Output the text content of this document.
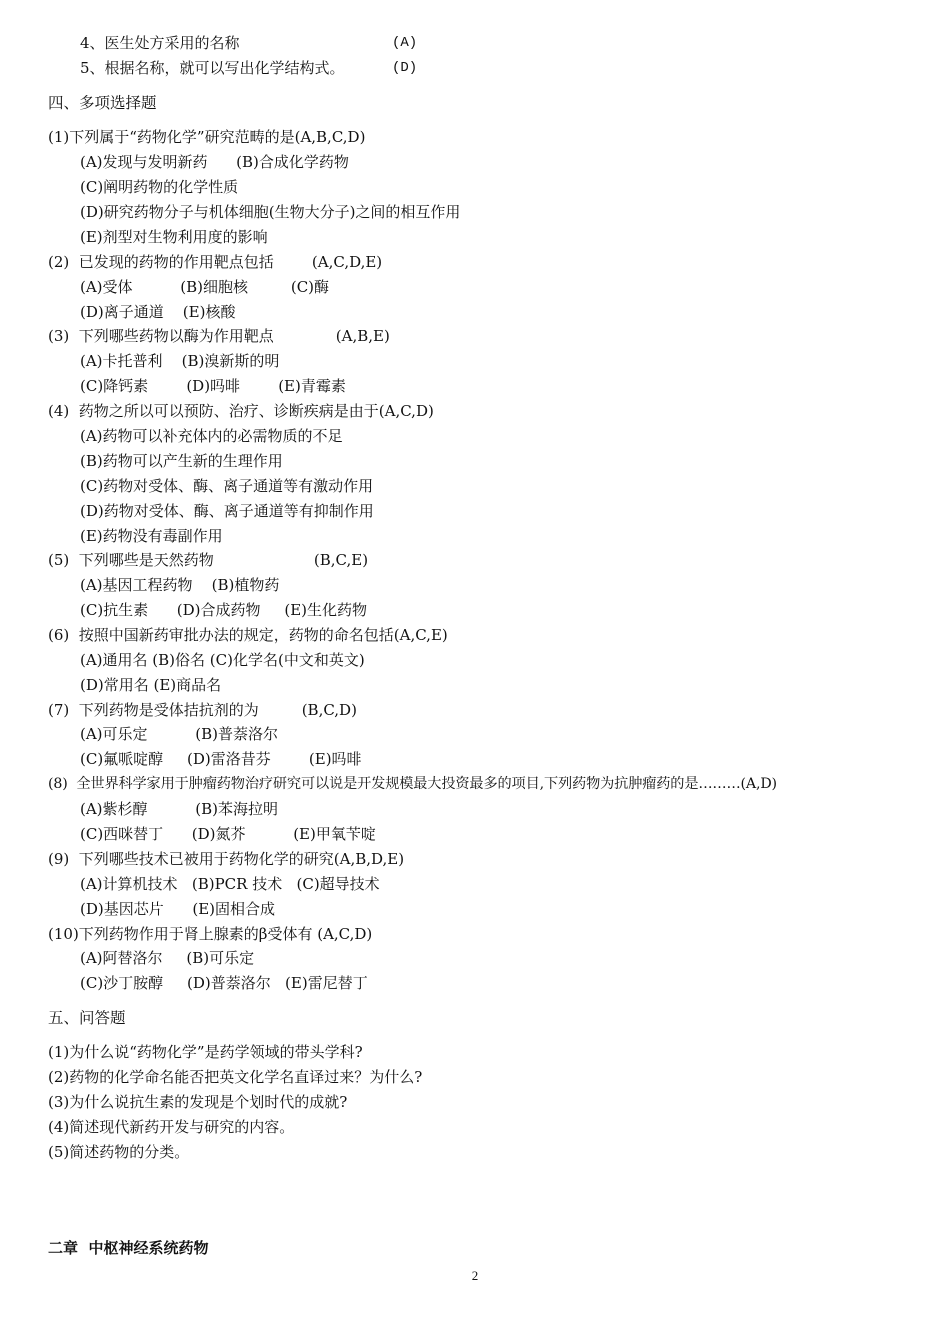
4、医生处方采用的名称	(A)
5、根据名称，就可以写出化学结构式。	(D)
四、多项选择题
(1)下列属于“药物化学”研究范畴的是(A,B,C,D)
(A)发现与发明新药      (B)合成化学药物
(C)阐明药物的化学性质
(D)研究药物分子与机体细胞(生物大分子)之间的相互作用
(E)剂型对生物利用度的影响
(2)  已发现的药物的作用靶点包括        (A,C,D,E)
(A)受体          (B)细胞核         (C)酶
(D)离子通道    (E)核酸
(3)  下列哪些药物以酶为作用靶点             (A,B,E)
(A)卡托普利    (B)溴新斯的明
(C)降钙素        (D)吗啡        (E)青霉素
(4)  药物之所以可以预防、治疗、诊断疾病是由于(A,C,D)
(A)药物可以补充体内的必需物质的不足
(B)药物可以产生新的生理作用
(C)药物对受体、酶、离子通道等有激动作用
(D)药物对受体、酶、离子通道等有抑制作用
(E)药物没有毒副作用
(5)  下列哪些是天然药物                     (B,C,E)
(A)基因工程药物    (B)植物药
(C)抗生素      (D)合成药物     (E)生化药物
(6)  按照中国新药审批办法的规定，药物的命名包括(A,C,E)
(A)通用名 (B)俗名 (C)化学名(中文和英文)
(D)常用名 (E)商品名
(7)  下列药物是受体拮抗剂的为         (B,C,D)
(A)可乐定          (B)普萘洛尔
(C)氟哌啶醇     (D)雷洛昔芬        (E)吗啡
(8)  全世界科学家用于肿瘤药物治疗研究可以说是开发规模最大投资最多的项目,下列药物为抗肿瘤药的是………(A,D)
(A)紫杉醇          (B)苯海拉明
(C)西咪替丁      (D)氮芥          (E)甲氧苄啶
(9)  下列哪些技术已被用于药物化学的研究(A,B,D,E)
(A)计算机技术   (B)PCR 技术   (C)超导技术
(D)基因芯片      (E)固相合成
(10)下列药物作用于肾上腺素的β受体有 (A,C,D)
(A)阿替洛尔     (B)可乐定
(C)沙丁胺醇     (D)普萘洛尔   (E)雷尼替丁
五、问答题
(1)为什么说“药物化学”是药学领域的带头学科?
(2)药物的化学命名能否把英文化学名直译过来？为什么?
(3)为什么说抗生素的发现是个划时代的成就?
(4)简述现代新药开发与研究的内容。
(5)简述药物的分类。
二章  中枢神经系统药物
2
